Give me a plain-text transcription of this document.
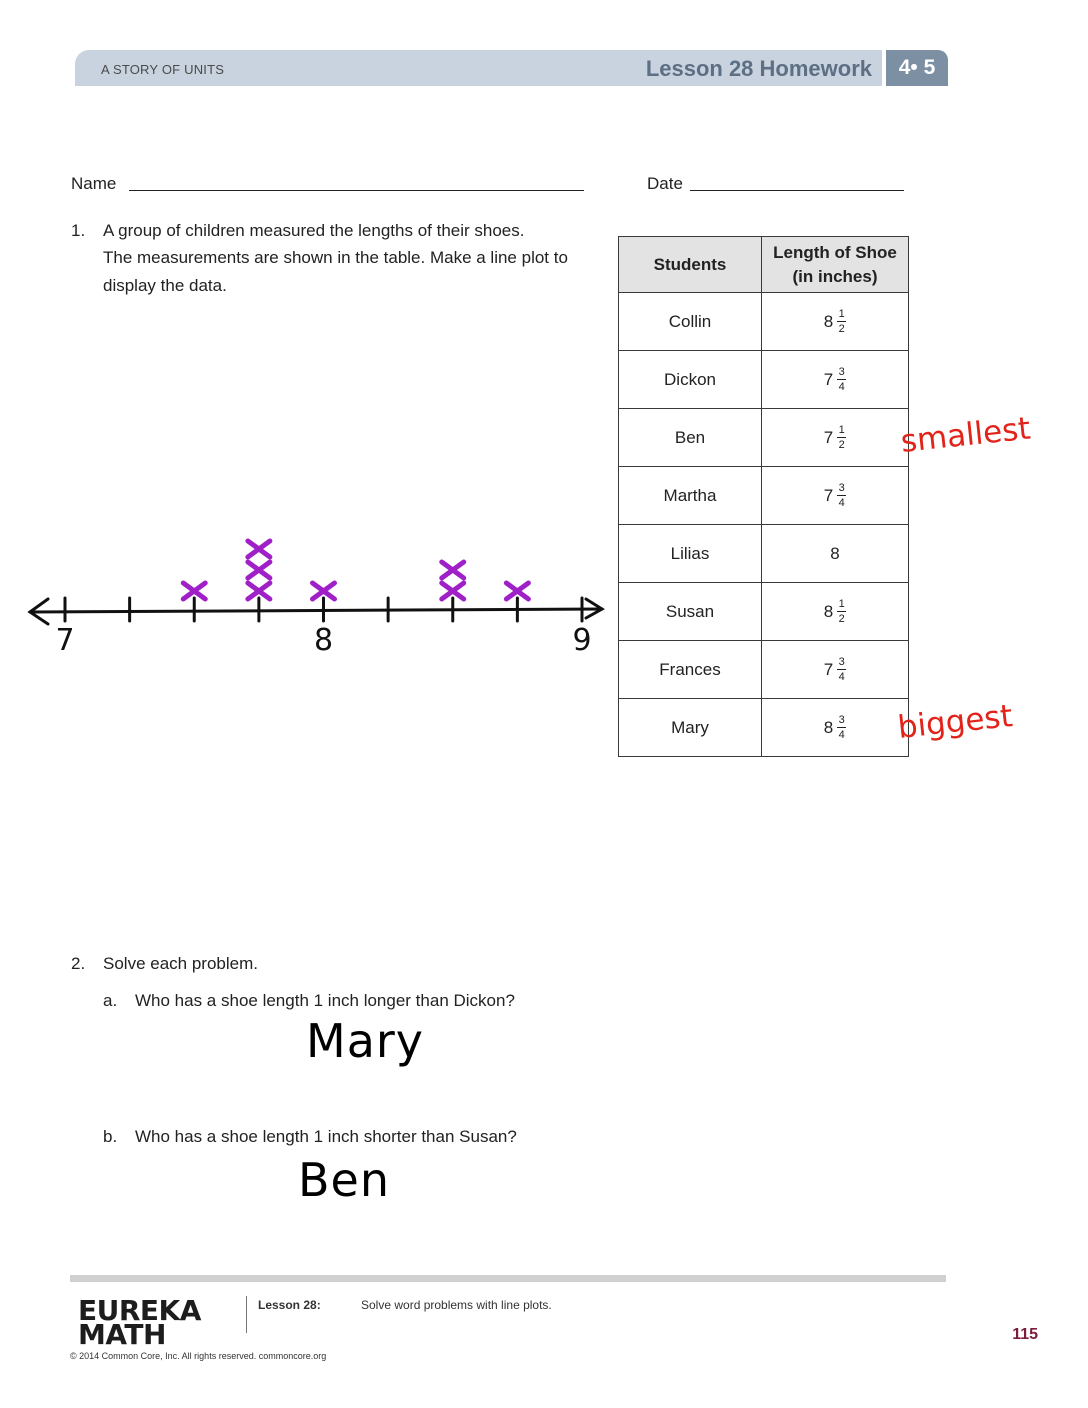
A STORY OF UNITS	Lesson 28 Homework	4• 5
Name	Date
1. A group of children measured the lengths of their shoes.
The measurements are shown in the table. Make a line plot to
display the data.
Students	Length of Shoe
(in inches)
Collin	$8 \frac{1}{2}$

Dickon	$7 \frac{3}{4}$

Ben	$7 \frac{1}{2}$

Martha	$7 \frac{3}{4}$

Lilias	8

Susan	$8 \frac{1}{2}$

Frances	$7 \frac{3}{4}$

Mary	$8 \frac{3}{4}$
smallest
biggest
7	8	9
2. Solve each problem.
a. Who has a shoe length 1 inch longer than Dickon?
Mary
b. Who has a shoe length 1 inch shorter than Susan?
Ben
EUREKA
MATH
Lesson 28:	Solve word problems with line plots.
© 2014 Common Core, Inc. All rights reserved. commoncore.org
115
